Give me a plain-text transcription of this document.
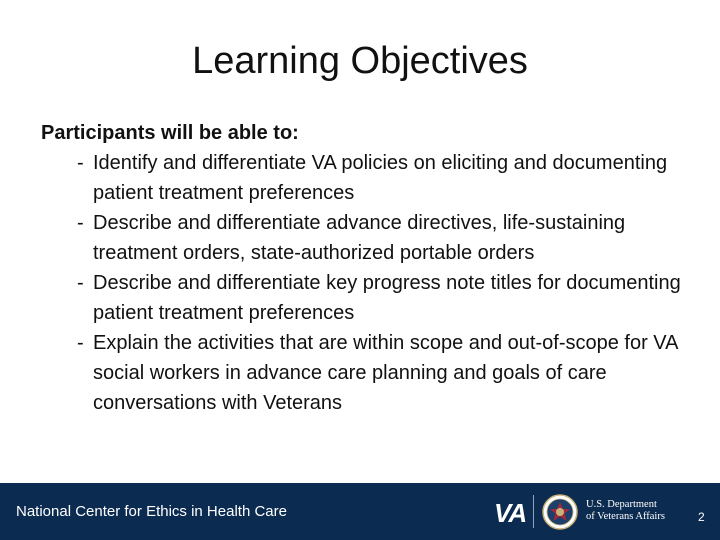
Learning Objectives
Participants will be able to:
- Identify and differentiate VA policies on eliciting and documenting patient treatment preferences
- Describe and differentiate advance directives, life-sustaining treatment orders, state-authorized portable orders
- Describe and differentiate key progress note titles for documenting patient treatment preferences
- Explain the activities that are within scope and out-of-scope for VA social workers in advance care planning and goals of care conversations with Veterans
National Center for Ethics in Health Care	VA	U.S. Department
of Veterans Affairs	2
